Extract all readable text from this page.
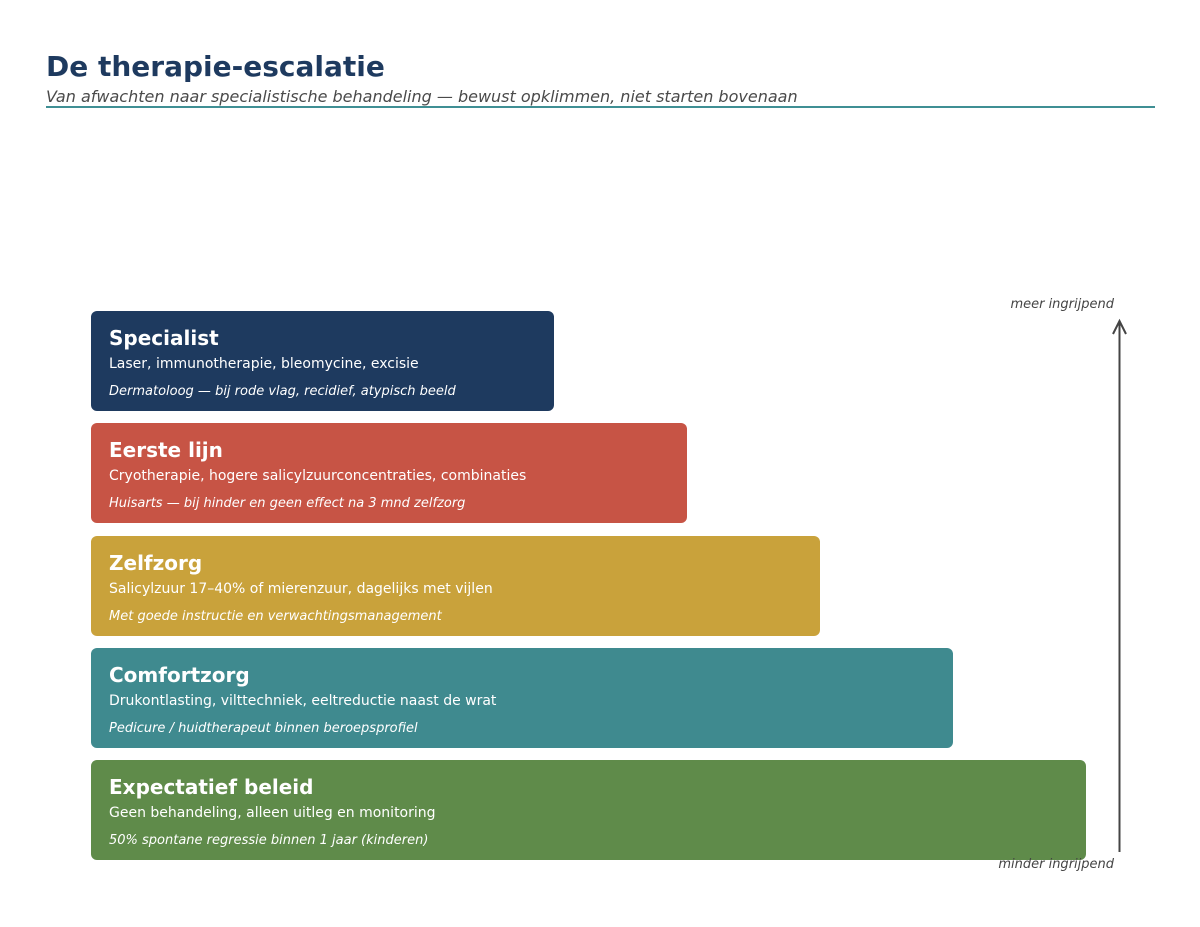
De therapie-escalatie
Van afwachten naar specialistische behandeling — bewust opklimmen, niet starten bovenaan
Specialist
Laser, immunotherapie, bleomycine, excisie
Dermatoloog — bij rode vlag, recidief, atypisch beeld
Eerste lijn
Cryotherapie, hogere salicylzuurconcentraties, combinaties
Huisarts — bij hinder en geen effect na 3 mnd zelfzorg
Zelfzorg
Salicylzuur 17–40% of mierenzuur, dagelijks met vijlen
Met goede instructie en verwachtingsmanagement
Comfortzorg
Drukontlasting, vilttechniek, eeltreductie naast de wrat
Pedicure / huidtherapeut binnen beroepsprofiel
Expectatief beleid
Geen behandeling, alleen uitleg en monitoring
50% spontane regressie binnen 1 jaar (kinderen)
meer ingrijpend
minder ingrijpend
